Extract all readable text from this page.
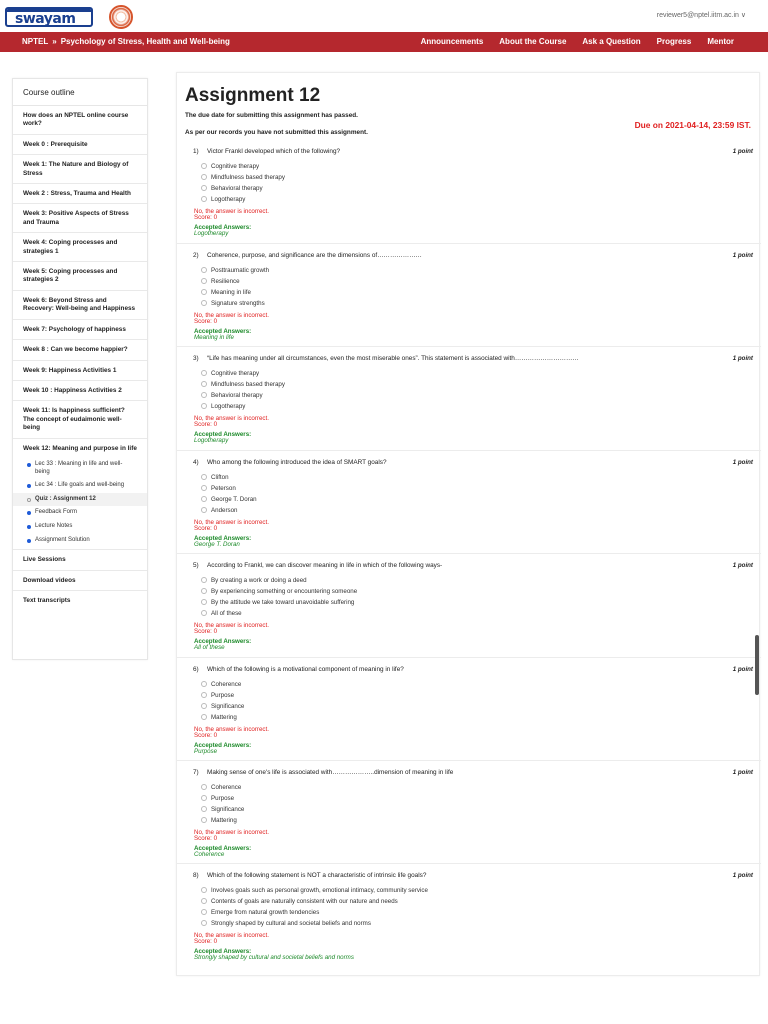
swayam	reviewer5@nptel.iitm.ac.in ∨
NPTEL » Psychology of Stress, Health and Well-being	Announcements About the Course Ask a Question Progress Mentor
Course outline
How does an NPTEL online course work?
Week 0 : Prerequisite
Week 1: The Nature and Biology of Stress
Week 2 : Stress, Trauma and Health
Week 3: Positive Aspects of Stress and Trauma
Week 4: Coping processes and strategies 1
Week 5: Coping processes and strategies 2
Week 6: Beyond Stress and Recovery: Well-being and Happiness
Week 7: Psychology of happiness
Week 8 : Can we become happier?
Week 9: Happiness Activities 1
Week 10 : Happiness Activities 2
Week 11: Is happiness sufficient? The concept of eudaimonic well-being
Week 12: Meaning and purpose in life
Lec 33 : Meaning in life and well-being
Lec 34 : Life goals and well-being
Quiz : Assignment 12
Feedback Form
Lecture Notes
Assignment Solution
Live Sessions
Download videos
Text transcripts
Assignment 12
The due date for submitting this assignment has passed.
As per our records you have not submitted this assignment.
Due on 2021-04-14, 23:59 IST.
1) Victor Frankl developed which of the following?	1 point
Cognitive therapy
Mindfulness based therapy
Behavioral therapy
Logotherapy
No, the answer is incorrect.
Score: 0
Accepted Answers:
Logotherapy
2) Coherence, purpose, and significance are the dimensions of…………………	1 point
Posttraumatic growth
Resilience
Meaning in life
Signature strengths
No, the answer is incorrect.
Score: 0
Accepted Answers:
Meaning in life
3) “Life has meaning under all circumstances, even the most miserable ones”. This statement is associated with…………………………	1 point
Cognitive therapy
Mindfulness based therapy
Behavioral therapy
Logotherapy
No, the answer is incorrect.
Score: 0
Accepted Answers:
Logotherapy
4) Who among the following introduced the idea of SMART goals?	1 point
Clifton
Peterson
George T. Doran
Anderson
No, the answer is incorrect.
Score: 0
Accepted Answers:
George T. Doran
5) According to Frankl, we can discover meaning in life in which of the following ways-	1 point
By creating a work or doing a deed
By experiencing something or encountering someone
By the attitude we take toward unavoidable suffering
All of these
No, the answer is incorrect.
Score: 0
Accepted Answers:
All of these
6) Which of the following is a motivational component of meaning in life?	1 point
Coherence
Purpose
Significance
Mattering
No, the answer is incorrect.
Score: 0
Accepted Answers:
Purpose
7) Making sense of one's life is associated with………………..dimension of meaning in life	1 point
Coherence
Purpose
Significance
Mattering
No, the answer is incorrect.
Score: 0
Accepted Answers:
Coherence
8) Which of the following statement is NOT a characteristic of intrinsic life goals?	1 point
Involves goals such as personal growth, emotional intimacy, community service
Contents of goals are naturally consistent with our nature and needs
Emerge from natural growth tendencies
Strongly shaped by cultural and societal beliefs and norms
No, the answer is incorrect.
Score: 0
Accepted Answers:
Strongly shaped by cultural and societal beliefs and norms
